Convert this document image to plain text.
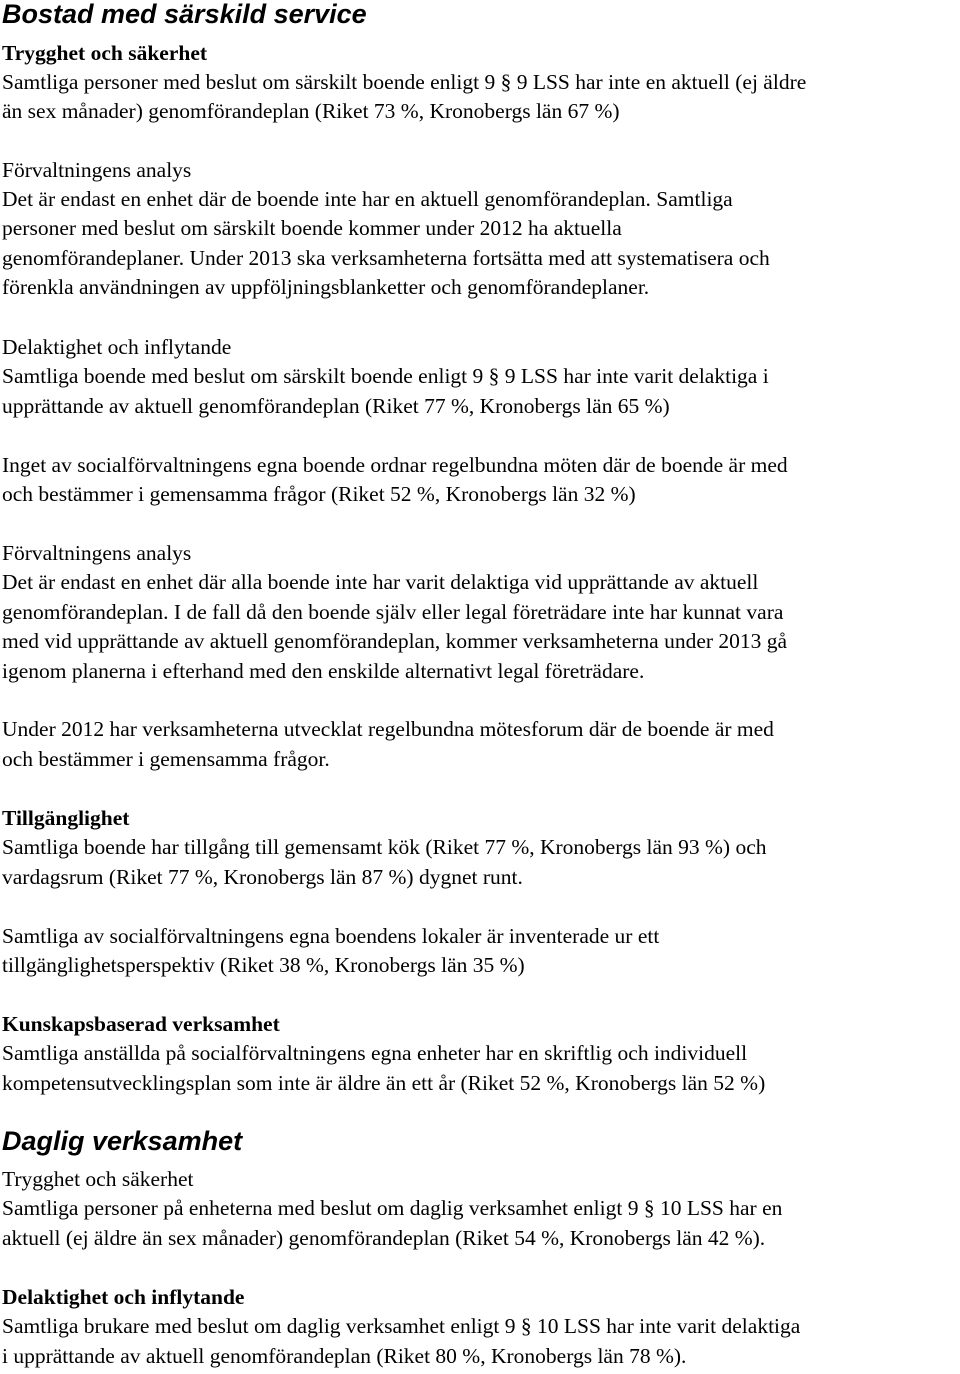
Bostad med särskild service
Trygghet och säkerhet
Samtliga personer med beslut om särskilt boende enligt 9 § 9 LSS har inte en aktuell (ej äldre
än sex månader) genomförandeplan (Riket 73 %, Kronobergs län 67 %)
Förvaltningens analys
Det är endast en enhet där de boende inte har en aktuell genomförandeplan. Samtliga
personer med beslut om särskilt boende kommer under 2012 ha aktuella
genomförandeplaner. Under 2013 ska verksamheterna fortsätta med att systematisera och
förenkla användningen av uppföljningsblanketter och genomförandeplaner.
Delaktighet och inflytande
Samtliga boende med beslut om särskilt boende enligt 9 § 9 LSS har inte varit delaktiga i
upprättande av aktuell genomförandeplan (Riket 77 %, Kronobergs län 65 %)
Inget av socialförvaltningens egna boende ordnar regelbundna möten där de boende är med
och bestämmer i gemensamma frågor (Riket 52 %, Kronobergs län 32 %)
Förvaltningens analys
Det är endast en enhet där alla boende inte har varit delaktiga vid upprättande av aktuell
genomförandeplan. I de fall då den boende själv eller legal företrädare inte har kunnat vara
med vid upprättande av aktuell genomförandeplan, kommer verksamheterna under 2013 gå
igenom planerna i efterhand med den enskilde alternativt legal företrädare.
Under 2012 har verksamheterna utvecklat regelbundna mötesforum där de boende är med
och bestämmer i gemensamma frågor.
Tillgänglighet
Samtliga boende har tillgång till gemensamt kök (Riket 77 %, Kronobergs län 93 %) och
vardagsrum (Riket 77 %, Kronobergs län 87 %) dygnet runt.
Samtliga av socialförvaltningens egna boendens lokaler är inventerade ur ett
tillgänglighetsperspektiv (Riket 38 %, Kronobergs län 35 %)
Kunskapsbaserad verksamhet
Samtliga anställda på socialförvaltningens egna enheter har en skriftlig och individuell
kompetensutvecklingsplan som inte är äldre än ett år (Riket 52 %, Kronobergs län 52 %)
Daglig verksamhet
Trygghet och säkerhet
Samtliga personer på enheterna med beslut om daglig verksamhet enligt 9 § 10 LSS har en
aktuell (ej äldre än sex månader) genomförandeplan (Riket 54 %, Kronobergs län 42 %).
Delaktighet och inflytande
Samtliga brukare med beslut om daglig verksamhet enligt 9 § 10 LSS har inte varit delaktiga
i upprättande av aktuell genomförandeplan (Riket 80 %, Kronobergs län 78 %).
